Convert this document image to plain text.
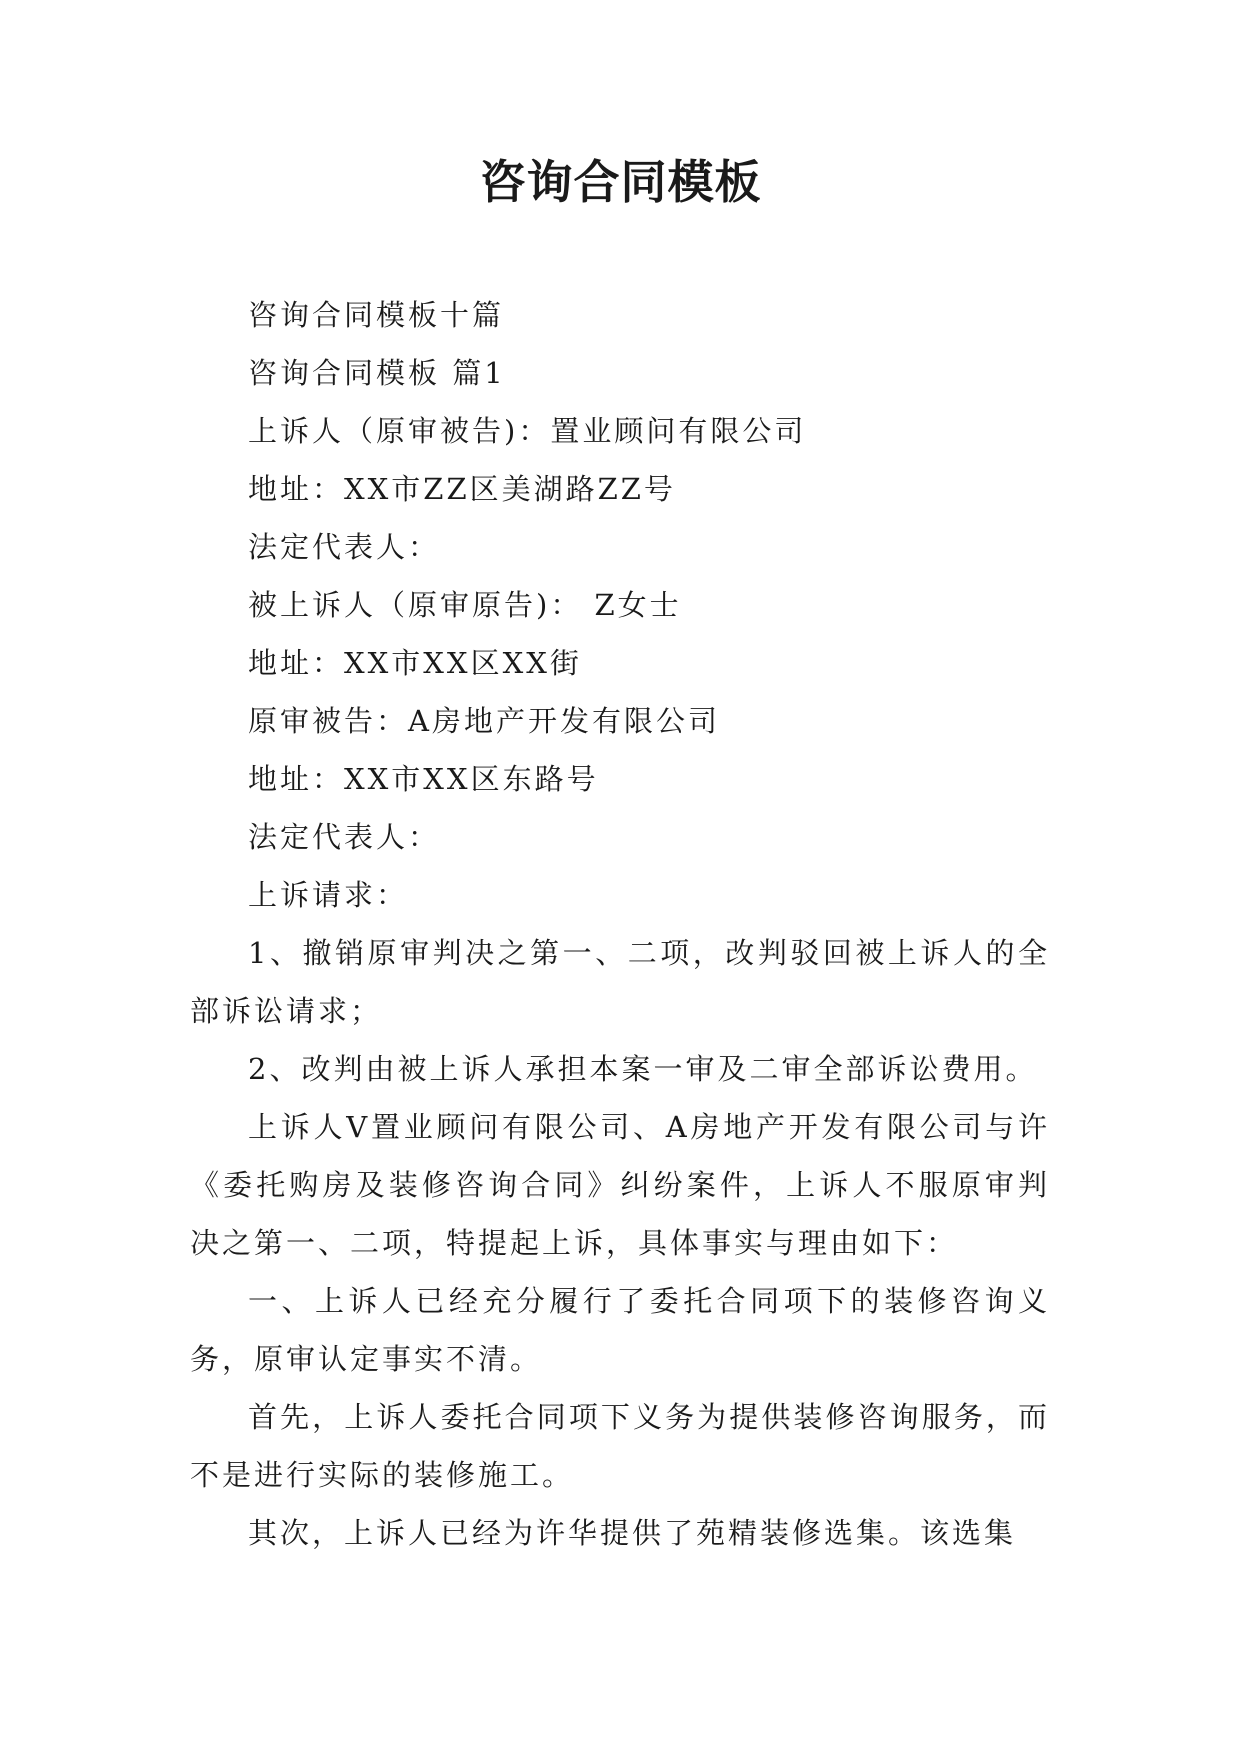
咨询合同模板

咨询合同模板十篇

咨询合同模板 篇1

上诉人（原审被告)：置业顾问有限公司

地址：XX市ZZ区美湖路ZZ号

法定代表人：

被上诉人（原审原告)： Z女士

地址：XX市XX区XX街

原审被告：A房地产开发有限公司

地址：XX市XX区东路号

法定代表人：

上诉请求：

1、撤销原审判决之第一、二项，改判驳回被上诉人的全部诉讼请求；

2、改判由被上诉人承担本案一审及二审全部诉讼费用。

上诉人V置业顾问有限公司、A房地产开发有限公司与许《委托购房及装修咨询合同》纠纷案件，上诉人不服原审判决之第一、二项，特提起上诉，具体事实与理由如下：

一、上诉人已经充分履行了委托合同项下的装修咨询义务，原审认定事实不清。

首先，上诉人委托合同项下义务为提供装修咨询服务，而不是进行实际的装修施工。

其次，上诉人已经为许华提供了苑精装修选集。该选集
